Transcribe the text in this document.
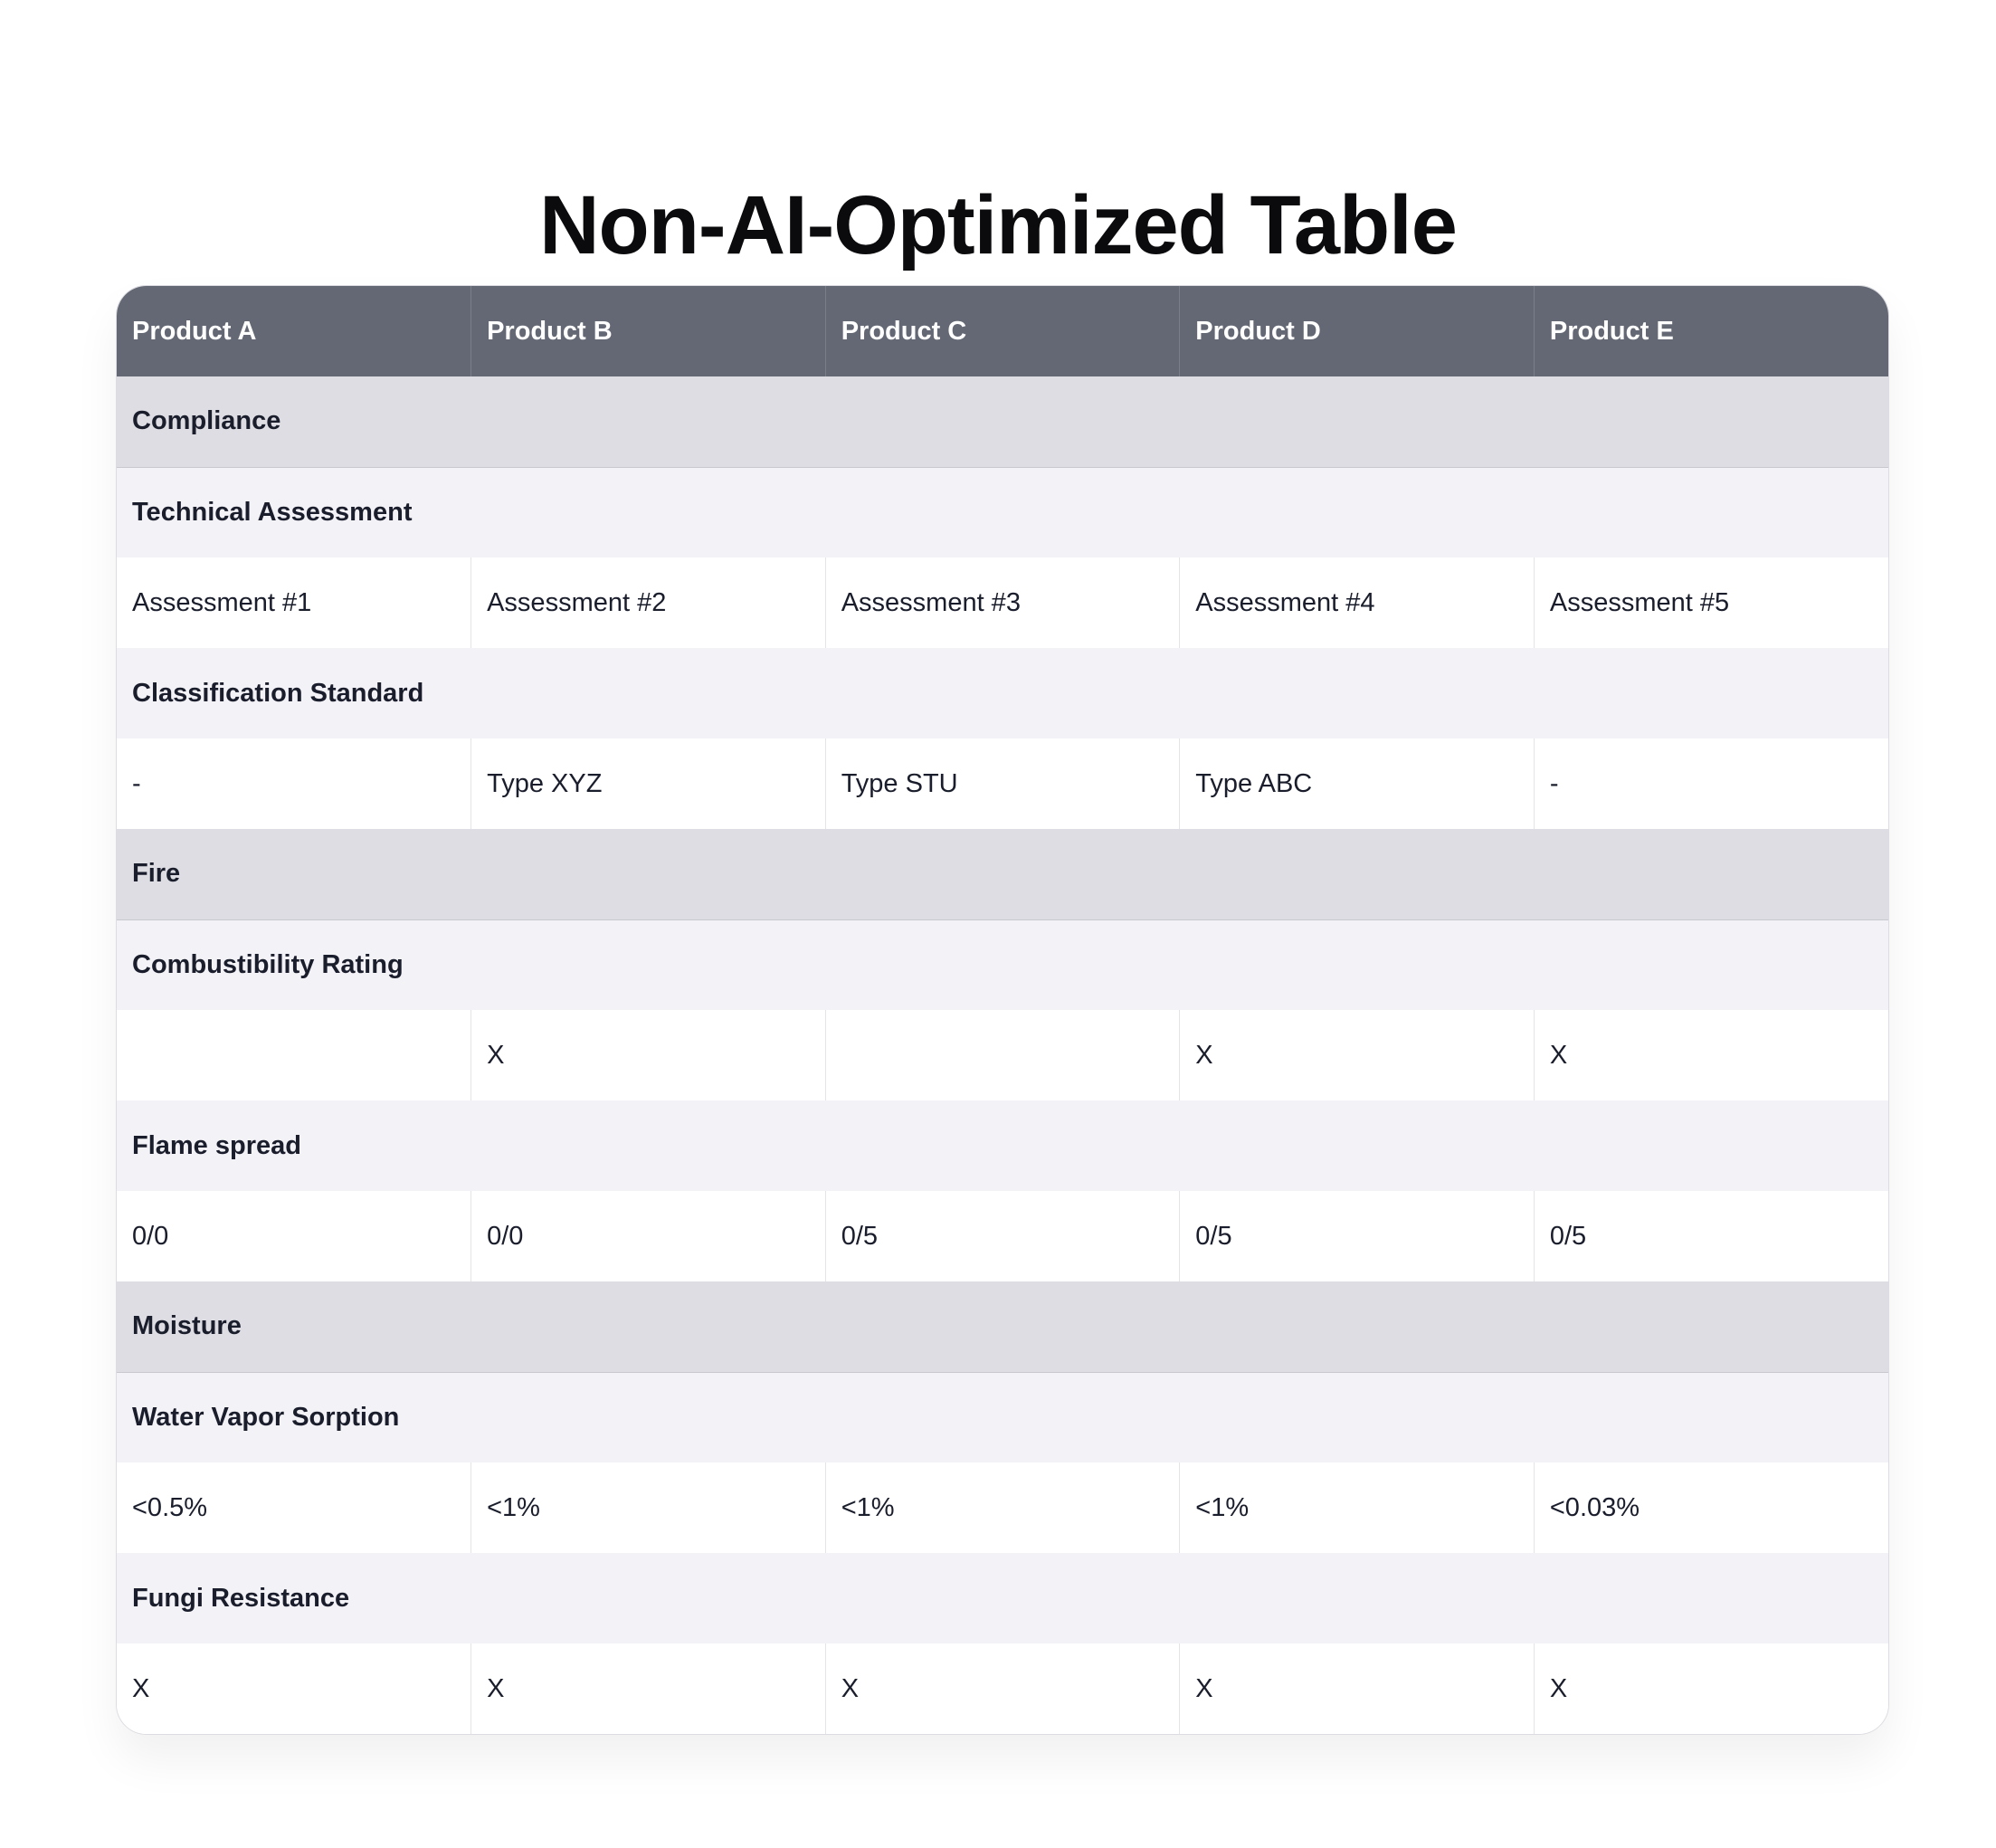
Non-AI-Optimized Table
Product A	Product B	Product C	Product D	Product E
Compliance				
Technical Assessment				
Assessment #1	Assessment #2	Assessment #3	Assessment #4	Assessment #5
Classification Standard				
-	Type XYZ	Type STU	Type ABC	-
Fire				
Combustibility Rating				
	X		X	X
Flame spread				
0/0	0/0	0/5	0/5	0/5
Moisture				
Water Vapor Sorption				
<0.5%	<1%	<1%	<1%	<0.03%
Fungi Resistance				
X	X	X	X	X
